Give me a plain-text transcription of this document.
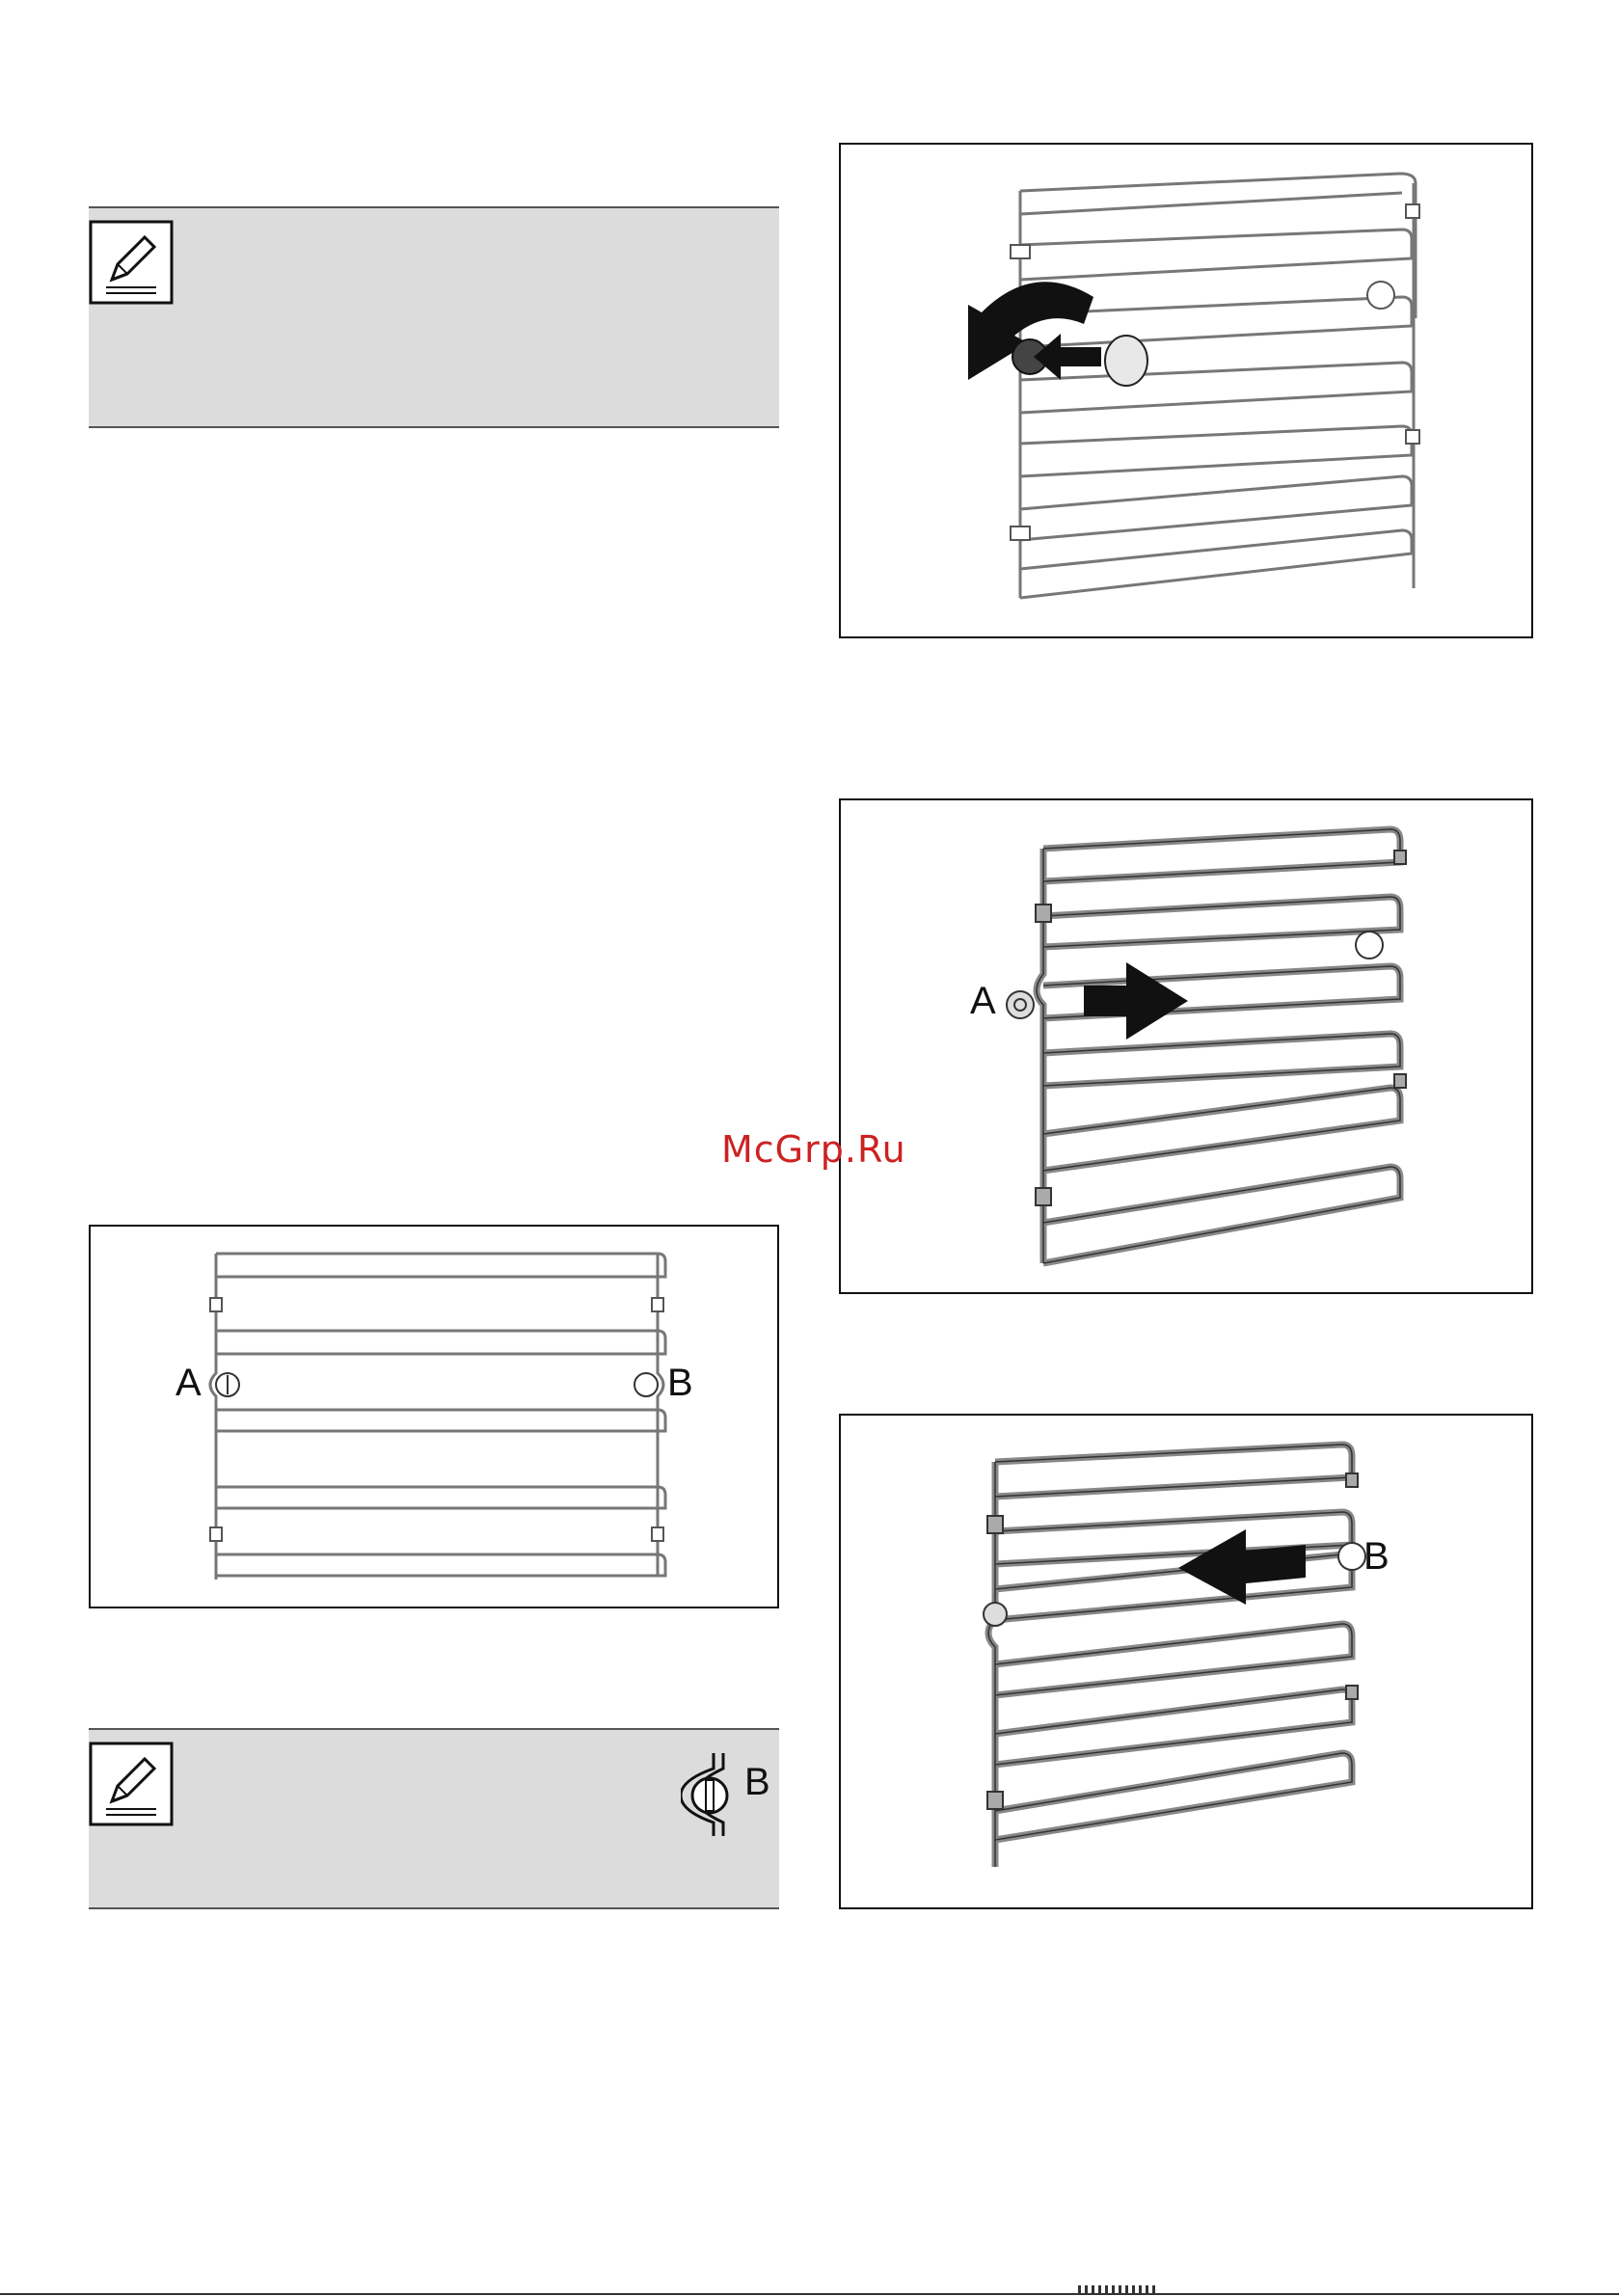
A
A	B
B
McGrp.Ru
B
